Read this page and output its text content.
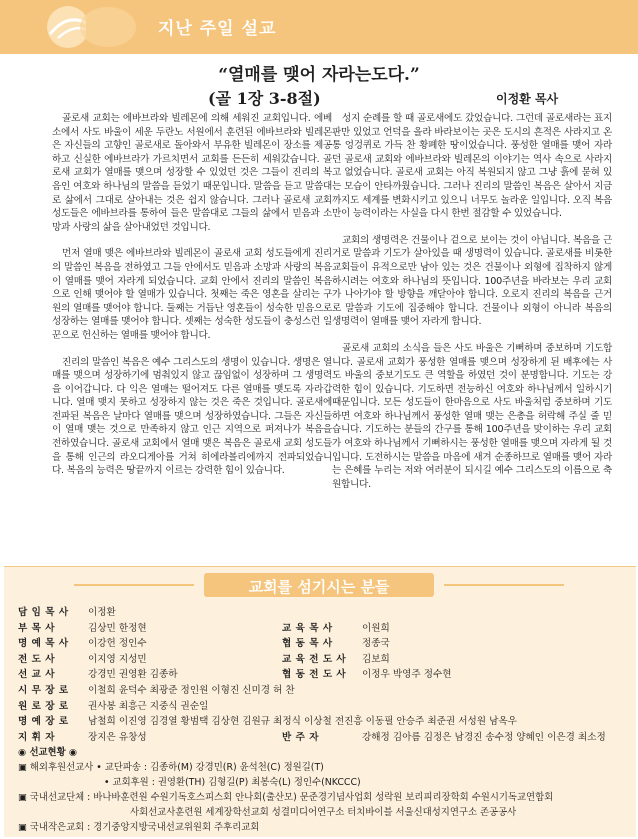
지난 주일 설교
“열매를 맺어 자라는도다.”
(골 1장 3-8절)	이정환 목사

골로새 교회는 에바브라와 빌레몬에 의해 세워진 교회입니다. 에베소에서 사도 바울이 세운 두란노 서원에서 훈련된 에바브라와 빌레몬은 자신들의 고향인 골로새로 돌아와서 부유한 빌레몬이 장소를 제공하고 신실한 에바브라가 가르치면서 교회를 든든히 세워갔습니다. 골로새 교회가 열매를 맺으며 성장할 수 있었던 것은 그들이 진리의 복음인 여호와 하나님의 말씀을 듣었기 때문입니다. 말씀을 듣고 말씀대로 삶에서 그대로 살아내는 것은 쉽지 않습니다. 그러나 골로새 교회 성도들은 에바브라를 통하여 들은 말씀대로 그들의 삶에서 믿음과 소망과 사랑의 삶을 살아내었던 것입니다.

먼저 열매 맺은 에바브라와 빌레몬이 골로새 교회 성도들에게 진리의 말씀인 복음을 전하였고 그들 안에서도 믿음과 소망과 사랑의 복음이 열매를 맺어 자라게 되었습니다. 교회 안에서 진리의 말씀인 복음으로 인해 맺어야 할 열매가 있습니다. 첫째는 죽은 영혼을 살리는 구원의 열매를 맺어야 합니다. 둘째는 거듭난 영혼들이 성숙한 믿음으로 성장하는 열매를 맺어야 합니다. 셋째는 성숙한 성도들이 충성스런 일꾼으로 헌신하는 열매를 맺어야 합니다.

진리의 말씀인 복음은 예수 그리스도의 생명이 있습니다. 생명은 열매를 맺으며 성장하기에 멈춰있지 않고 끊임없이 성장하며 그 생명력을 이어갑니다. 다 익은 열매는 떨어져도 다른 열매를 맺도록 자라갑니다. 열매 맺지 못하고 성장하지 않는 것은 죽은 것입니다. 골로새에 전파된 복음은 날마다 열매를 맺으며 성장하였습니다. 그들은 자신들이 열매 맺는 것으로 만족하지 않고 인근 지역으로 퍼져나가 복음을 전하였습니다. 골로새 교회에서 열매 맺은 복음은 골로새 교회 성도들을 통해 인근의 라오디게아를 거쳐 히에라볼리에까지 전파되었습니다. 복음의 능력은 땅끝까지 이르는 강력한 힘이 있습니다.

성지 순례를 할 때 골로새에도 갔었습니다. 그런데 골로새라는 표지판만 있었고 언덕을 올라 바라보이는 곳은 도시의 흔적은 사라지고 온통 엉겅퀴로 가득 찬 황폐한 땅이었습니다. 풍성한 열매를 맺어 자라던 골로새 교회와 에바브라와 빌레몬의 이야기는 역사 속으로 사라지고 없었습니다. 골로새 교회는 아직 복원되지 않고 그냥 흙에 묻혀 있는 모습이 안타까웠습니다. 그러나 진리의 말씀인 복음은 살아서 지금까지도 세계를 변화시키고 있으니 너무도 놀라운 일입니다. 오직 복음만이 능력이라는 사실을 다시 한번 절감할 수 있었습니다.

교회의 생명력은 건물이나 겉으로 보이는 것이 아닙니다. 복음을 근거로 말씀과 기도가 살아있을 때 생명력이 있습니다. 골로새를 비롯한 교회들이 유적으로만 남아 있는 것은 건물이나 외형에 집착하지 않게 하시려는 여호와 하나님의 뜻입니다. 100주년을 바라보는 우리 교회가 나아가야 할 방향을 깨닫아야 합니다. 오로지 진리의 복음을 근거로 말씀과 기도에 집중해야 합니다. 건물이나 외형이 아니라 복음의 생명력이 열매를 맺어 자라게 합니다.

골로새 교회의 소식을 들은 사도 바울은 기뻐하며 중보하며 기도합니다. 골로새 교회가 풍성한 열매를 맺으며 성장하게 된 배후에는 사도 바울의 중보기도도 큰 역할을 하였던 것이 분명합니다. 기도는 강력한 힘이 있습니다. 기도하면 전능하신 여호와 하나님께서 일하시기 때문입니다. 모든 성도들이 한마음으로 사도 바울처럼 중보하며 기도하면 여호와 하나님께서 풍성한 열매 맺는 은총을 허락해 주실 줄 믿습니다. 기도하는 분들의 간구를 통해 100주년을 맞이하는 우리 교회가 여호와 하나님께서 기뻐하시는 풍성한 열매를 맺으며 자라게 될 것입니다. 도전하시는 말씀을 마음에 새겨 순종하므로 열매를 맺어 자라는 은혜를 누리는 저와 여러분이 되시길 예수 그리스도의 이름으로 축원합니다.

교회를 섬기시는 분들
담 임 목 사 이정환
부 목 사	김상민 한정현	교 육 목 사	이원희
명 예 목 사 이강헌 정인수	협 동 목 사	정종국
전 도 사	이지영 지성민	교 육 전 도 사 김보희
선 교 사	강경민 권영환 김종하	협 동 전 도 사 이정우 박영주 정수현
시 무 장 로 이철희 윤덕수 최광준 정인원 이형진 신미경 허 찬
원 로 장 로 권사봉 최흥근 지중식 권순일
명 예 장 로 남철희 이진영 김경열 황범택 김상현 김원규 최정식 이상철 전진흥 이동필 안승주 최준권 서성원 남옥우
지 휘 자	장지은 유창성	반 주 자	강해정 김아름 김정은 남경진 송수정 양혜인 이은경 최소정
◉ 선교현황 ◉
▣ 해외후원선교사 • 교단파송 : 김종하(M) 강경민(R) 윤석천(C) 정원길(T)
• 교회후원 : 권영환(TH) 김형길(P) 최봉숙(L) 정인수(NKCCC)
▣ 국내선교단체 : 바나바훈련원 수원기독호스피스회 안나회(출산모) 문준경기념사업회 성락원 보리피리장학회 수원시기독교연합회
사회선교사훈련원 세계장학선교회 성결미디어연구소 터치바이블 서울신대성지연구소 존공공사
▣ 국내작은교회 : 경기중앙지방국내선교위원회 주후리교회
